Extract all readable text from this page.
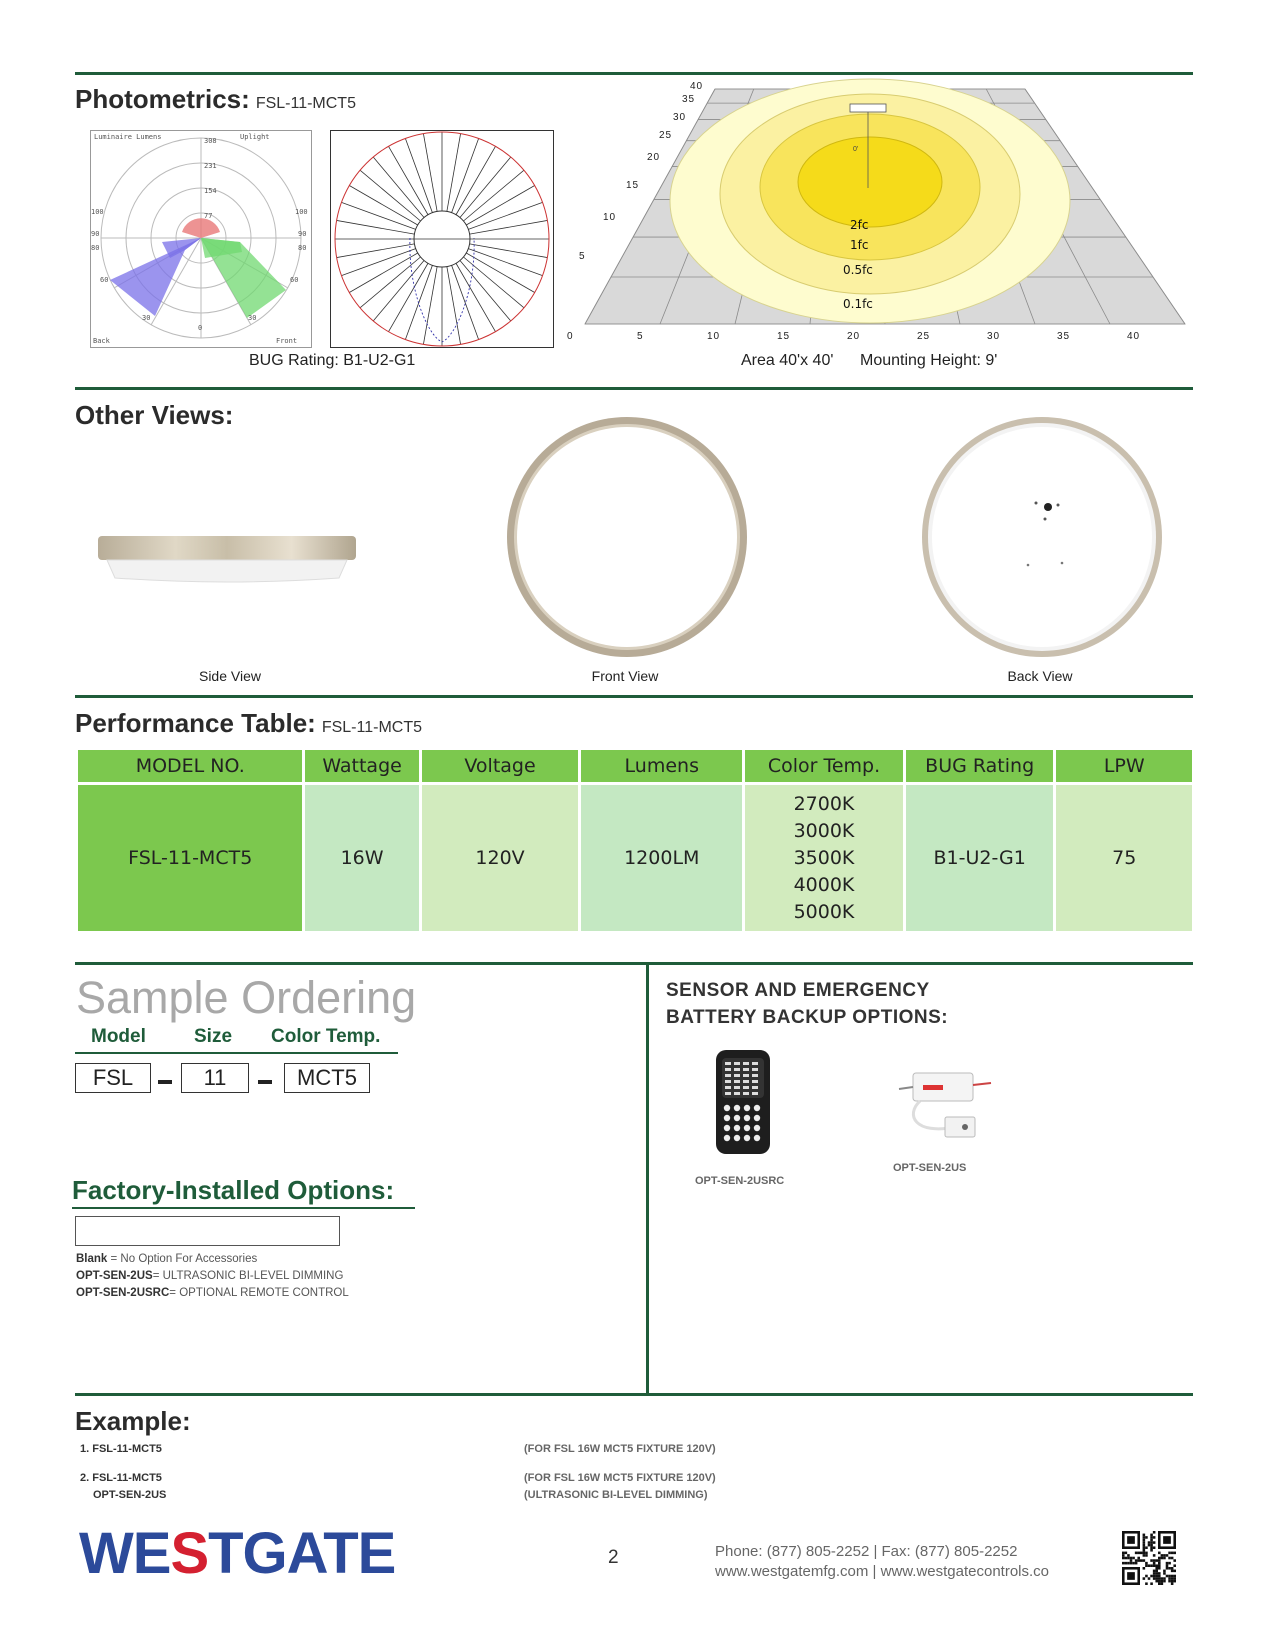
Photometrics: FSL-11-MCT5
Luminaire Lumens	Uplight
308
231
154
77
100	100
90
80
60
30
0
30
60
80
90
Back	Front
BUG Rating: B1-U2-G1
0'
2fc
1fc
0.5fc
0.1fc
40
35
30
25
20
15
10
5
0	5	10	15	20	25	30	35	40
Area 40'x 40' Mounting Height: 9'
Other Views:
Side View	Front View	Back View
Performance Table: FSL-11-MCT5
MODEL NO.	Wattage	Voltage	Lumens	Color Temp.	BUG Rating	LPW
FSL-11-MCT5	16W	120V	1200LM	2700K
3000K
3500K
4000K
5000K	B1-U2-G1	75
Sample Ordering
Model	Size Color Temp.
FSL	11	MCT5
Factory-Installed Options:
Blank = No Option For Accessories
OPT-SEN-2US= ULTRASONIC BI-LEVEL DIMMING
OPT-SEN-2USRC= OPTIONAL REMOTE CONTROL
SENSOR AND EMERGENCY
BATTERY BACKUP OPTIONS:
OPT-SEN-2USRC
OPT-SEN-2US
Example:
1. FSL-11-MCT5	(FOR FSL 16W MCT5 FIXTURE 120V)
2. FSL-11-MCT5	(FOR FSL 16W MCT5 FIXTURE 120V)
OPT-SEN-2US	(ULTRASONIC BI-LEVEL DIMMING)
WESTGATE	2	Phone: (877) 805-2252 | Fax: (877) 805-2252
www.westgatemfg.com | www.westgatecontrols.co
